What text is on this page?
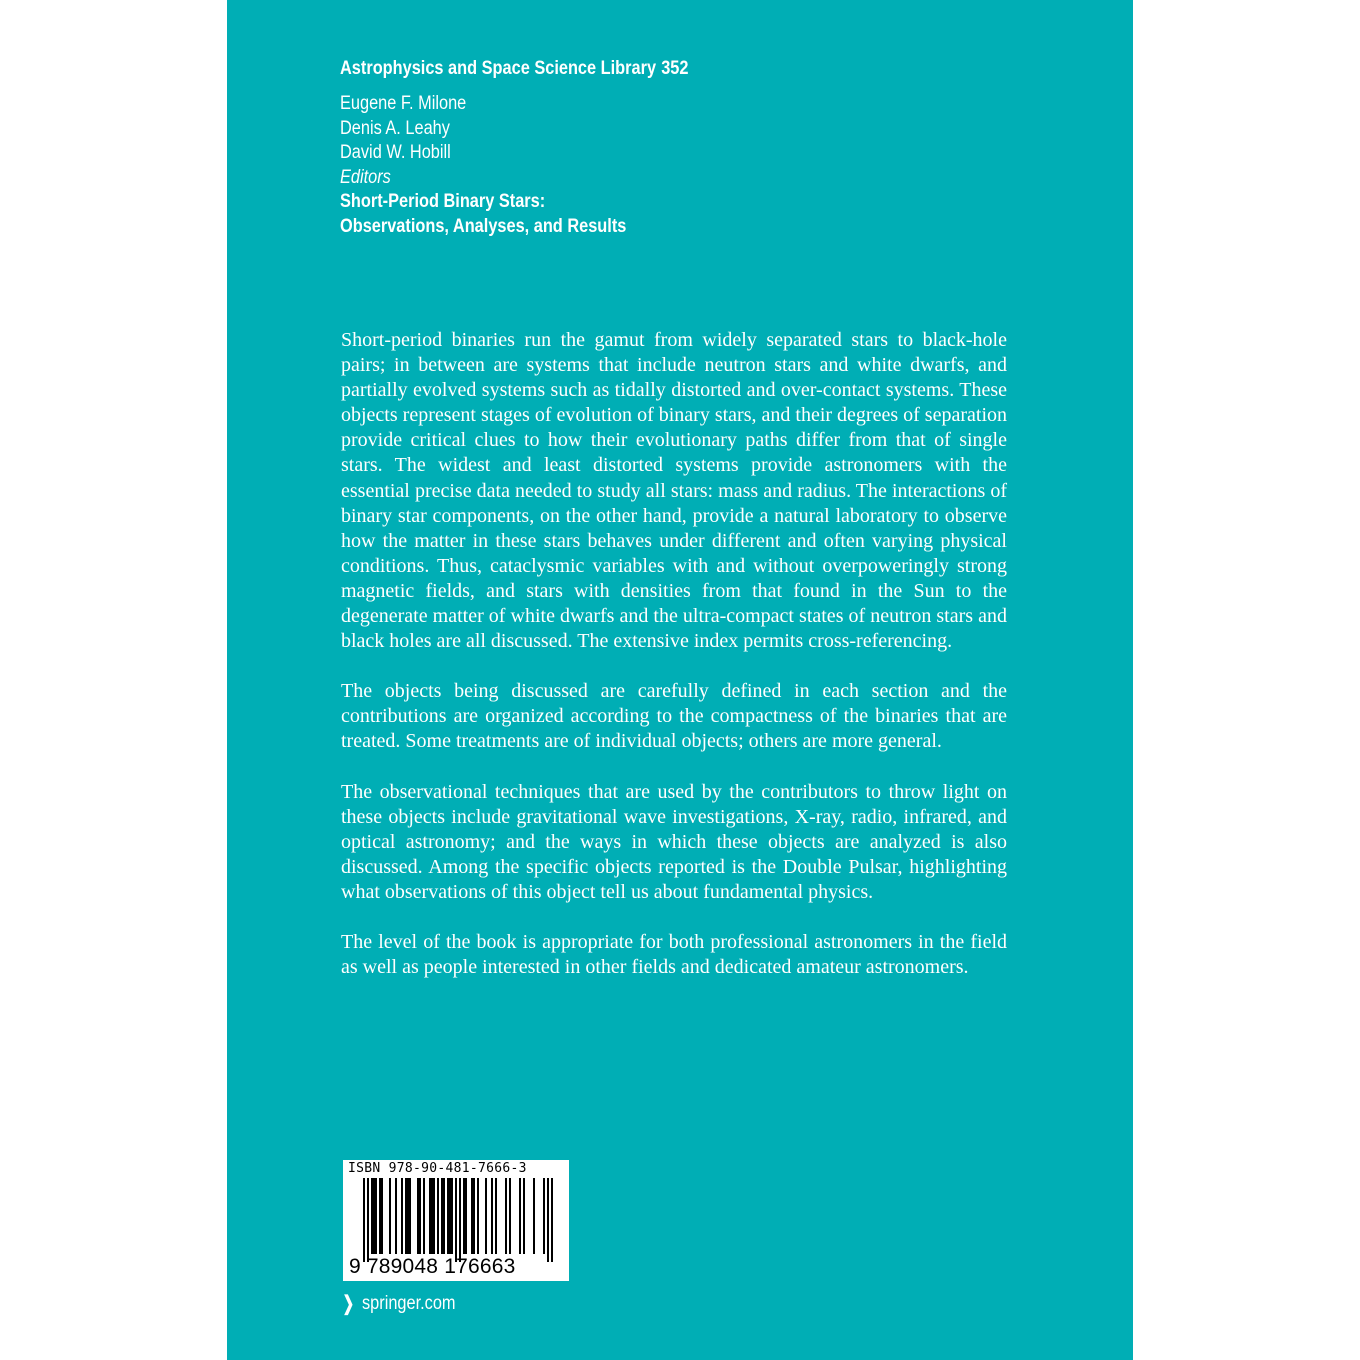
Astrophysics and Space Science Library 352
Eugene F. Milone
Denis A. Leahy
David W. Hobill
Editors
Short-Period Binary Stars:
Observations, Analyses, and Results

Short-period binaries run the gamut from widely separated stars to black-hole pairs; in between are systems that include neutron stars and white dwarfs, and partially evolved systems such as tidally distorted and over-contact systems. These objects represent stages of evolution of binary stars, and their degrees of separation provide critical clues to how their evolutionary paths differ from that of single stars. The widest and least distorted systems provide astronomers with the essential precise data needed to study all stars: mass and radius. The interactions of binary star components, on the other hand, provide a natural laboratory to observe how the matter in these stars behaves under different and often varying physical conditions. Thus, cataclysmic variables with and without overpoweringly strong magnetic fields, and stars with densities from that found in the Sun to the degenerate matter of white dwarfs and the ultra-compact states of neutron stars and black holes are all discussed. The extensive index permits cross-referencing.

The objects being discussed are carefully defined in each section and the contributions are organized according to the compactness of the binaries that are treated. Some treatments are of individual objects; others are more general.

The observational techniques that are used by the contributors to throw light on these objects include gravitational wave investigations, X-ray, radio, infrared, and optical astronomy; and the ways in which these objects are analyzed is also discussed. Among the specific objects reported is the Double Pulsar, highlighting what observations of this object tell us about fundamental physics.

The level of the book is appropriate for both professional astronomers in the field as well as people interested in other fields and dedicated amateur astronomers.

ISBN 978-90-481-7666-3
9 789048 176663
❯ springer.com
